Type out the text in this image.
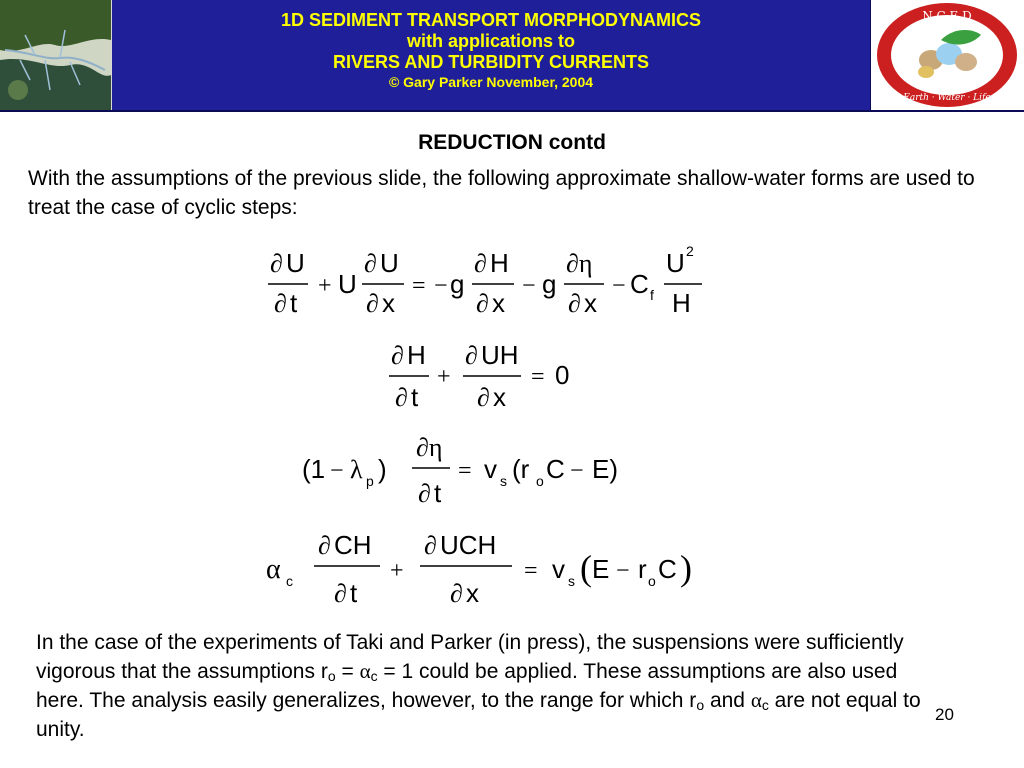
1D SEDIMENT TRANSPORT MORPHODYNAMICS
with applications to
RIVERS AND TURBIDITY CURRENTS
© Gary Parker November, 2004
N C E D
Earth · Water · Life
REDUCTION contd
With the assumptions of the previous slide, the following approximate shallow-water forms are used to treat the case of cyclic steps:
∂ U
∂ t
+ U
∂ U
∂ x
= − g
∂ H
∂ x
− g
∂η
∂ x
− C f
U 2
H
∂ H
∂ t
+
∂ UH
∂ x
= 0
(1 − λ p )
∂η
∂ t
= v s (r o C − E)
α c
∂ CH
∂ t
+
∂ UCH
∂ x
= v s ( E − r o C )
In the case of the experiments of Taki and Parker (in press), the suspensions were sufficiently vigorous that the assumptions $r_o = \alpha_c = 1$ could be applied. These assumptions are also used here. The analysis easily generalizes, however, to the range for which $r_o$ and $\alpha_c$ are not equal to unity.
20
